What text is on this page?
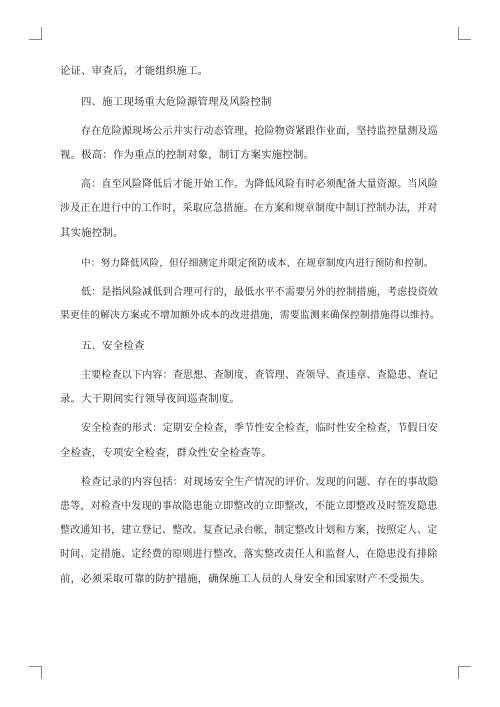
论证、审查后，才能组织施工。
四、施工现场重大危险源管理及风险控制
存在危险源现场公示并实行动态管理，抢险物资紧跟作业面，坚持监控量测及巡
视。极高：作为重点的控制对象，制订方案实施控制。
高：直至风险降低后才能开始工作。为降低风险有时必须配备大量资源。当风险
涉及正在进行中的工作时，采取应急措施。在方案和规章制度中制订控制办法，并对
其实施控制。
中：努力降低风险，但仔细测定并限定预防成本，在规章制度内进行预防和控制。
低：是指风险减低到合理可行的，最低水平不需要另外的控制措施，考虑投资效
果更佳的解决方案或不增加额外成本的改进措施，需要监测来确保控制措施得以维持。
五、安全检查
主要检查以下内容：查思想、查制度、查管理、查领导、查违章、查隐患、查记
录。大干期间实行领导夜间巡查制度。
安全检查的形式：定期安全检查，季节性安全检查，临时性安全检查，节假日安
全检查，专项安全检查，群众性安全检查等。
检查记录的内容包括：对现场安全生产情况的评价、发现的问题、存在的事故隐
患等，对检查中发现的事故隐患能立即整改的立即整改，不能立即整改及时签发隐患
整改通知书，建立登记、整改、复查记录台帐，制定整改计划和方案，按照定人、定
时间、定措施、定经费的原则进行整改，落实整改责任人和监督人，在隐患没有排除
前，必须采取可靠的防护措施，确保施工人员的人身安全和国家财产不受损失。
